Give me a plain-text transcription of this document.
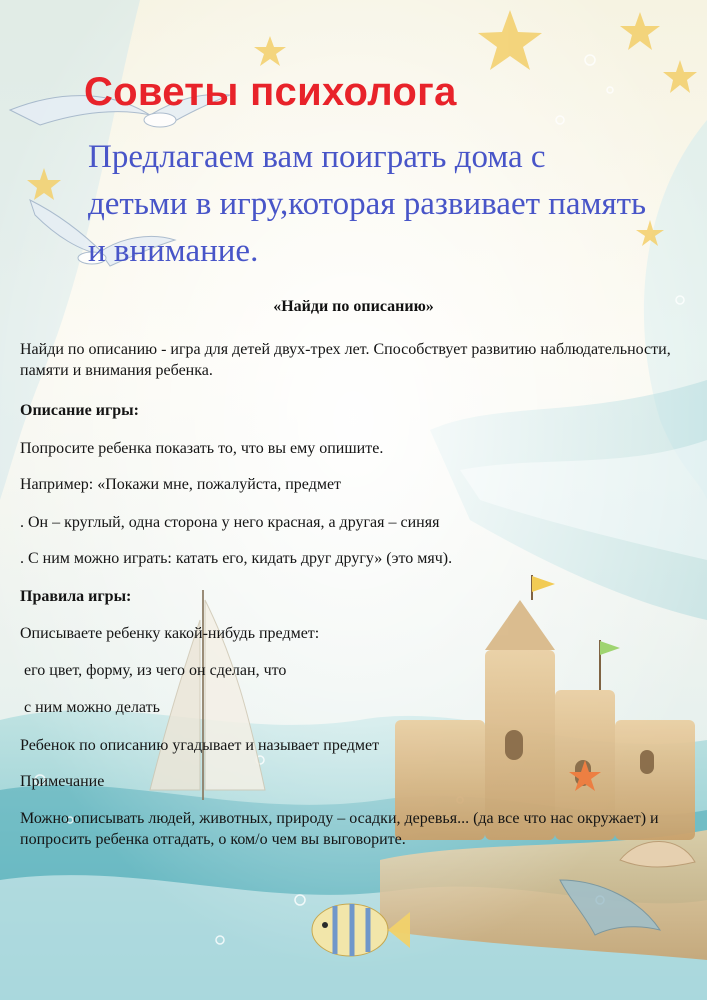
Советы психолога
Предлагаем вам поиграть дома с детьми в игру,которая развивает память и внимание.
«Найди по описанию»

Найди по описанию - игра для детей двух-трех лет. Способствует развитию наблюдательности, памяти и внимания ребенка.

Описание игры:

Попросите ребенка показать то, что вы ему опишите.

Например: «Покажи мне, пожалуйста, предмет

. Он – круглый, одна сторона у него красная, а другая – синяя

. С ним можно играть: катать его, кидать друг другу» (это мяч).

Правила игры:

Описываете ребенку какой-нибудь предмет:

его цвет, форму, из чего он сделан, что

с ним можно делать

Ребенок по описанию угадывает и называет предмет

Примечание

Можно описывать людей, животных, природу – осадки, деревья... (да все что нас окружает) и попросить ребенка отгадать, о ком/о чем вы выговорите.
